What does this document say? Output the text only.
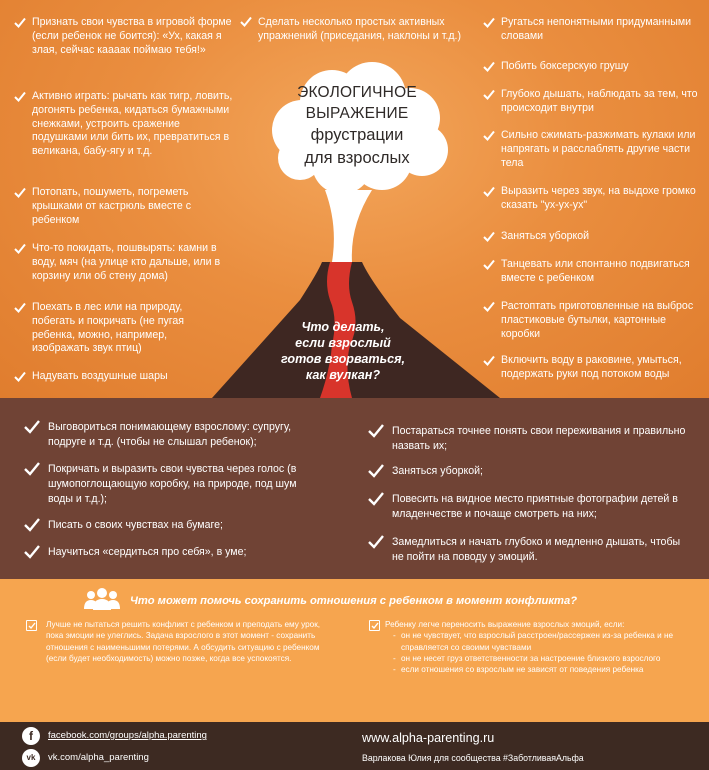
ЭКОЛОГИЧНОЕ
ВЫРАЖЕНИЕ
фрустрации
для взрослых
Что делать,
если взрослый
готов взорваться,
как вулкан?
Признать свои чувства в игровой форме (если ребенок не боится): «Ух, какая я злая, сейчас кааaак поймаю тебя!»
Активно играть: рычать как тигр, ловить, догонять ребенка, кидаться бумажными снежками, устроить сражение подушками или бить их, превратиться в великана, бабу-ягу и т.д.
Потопать, пошуметь, погреметь крышками от кастрюль вместе с ребенком
Что-то покидать, пошвырять: камни в воду, мяч (на улице кто дальше, или в корзину или об стену дома)
Поехать в лес или на природу, побегать и покричать (не пугая ребенка, можно, например, изображать звук птиц)
Надувать воздушные шары
Сделать несколько простых активных упражнений (приседания, наклоны и т.д.)
Ругаться непонятными придуманными словами
Побить боксерскую грушу
Глубоко дышать, наблюдать за тем, что происходит внутри
Сильно сжимать-разжимать кулаки или напрягать и расслаблять другие части тела
Выразить через звук, на выдохе громко сказать "ух-ух-ух"
Заняться уборкой
Танцевать или спонтанно подвигаться вместе с ребенком
Растоптать приготовленные на выброс пластиковые бутылки, картонные коробки
Включить воду в раковине, умыться, подержать руки под потоком воды
Выговориться понимающему взрослому: супругу, подруге и т.д. (чтобы не слышал ребенок);
Покричать и выразить свои чувства через голос (в шумопоглощающую коробку, на природе, под шум воды и т.д.);
Писать о своих чувствах на бумаге;
Научиться «сердиться про себя», в уме;
Постараться точнее понять свои переживания и правильно назвать их;
Заняться уборкой;
Повесить на видное место приятные фотографии детей в младенчестве и почаще смотреть на них;
Замедлиться и начать глубоко и медленно дышать, чтобы не пойти на поводу у эмоций.
Что может помочь сохранить отношения с ребенком в момент конфликта?
Лучше не пытаться решить конфликт с ребенком и преподать ему урок, пока эмоции не улеглись. Задача взрослого в этот момент - сохранить отношения с наименьшими потерями. А обсудить ситуацию с ребенком (если будет необходимость) можно позже, когда все успокоятся.
Ребенку легче переносить выражение взрослых эмоций, если:
- он не чувствует, что взрослый расстроен/рассержен из-за ребенка и не справляется со своими чувствами
- он не несет груз ответственности за настроение близкого взрослого
- если отношения со взрослым не зависят от поведения ребенка
f	facebook.com/groups/alpha.parenting
vk	vk.com/alpha_parenting
www.alpha-parenting.ru
Варлакова Юлия для сообщества #ЗаботливаяАльфа
